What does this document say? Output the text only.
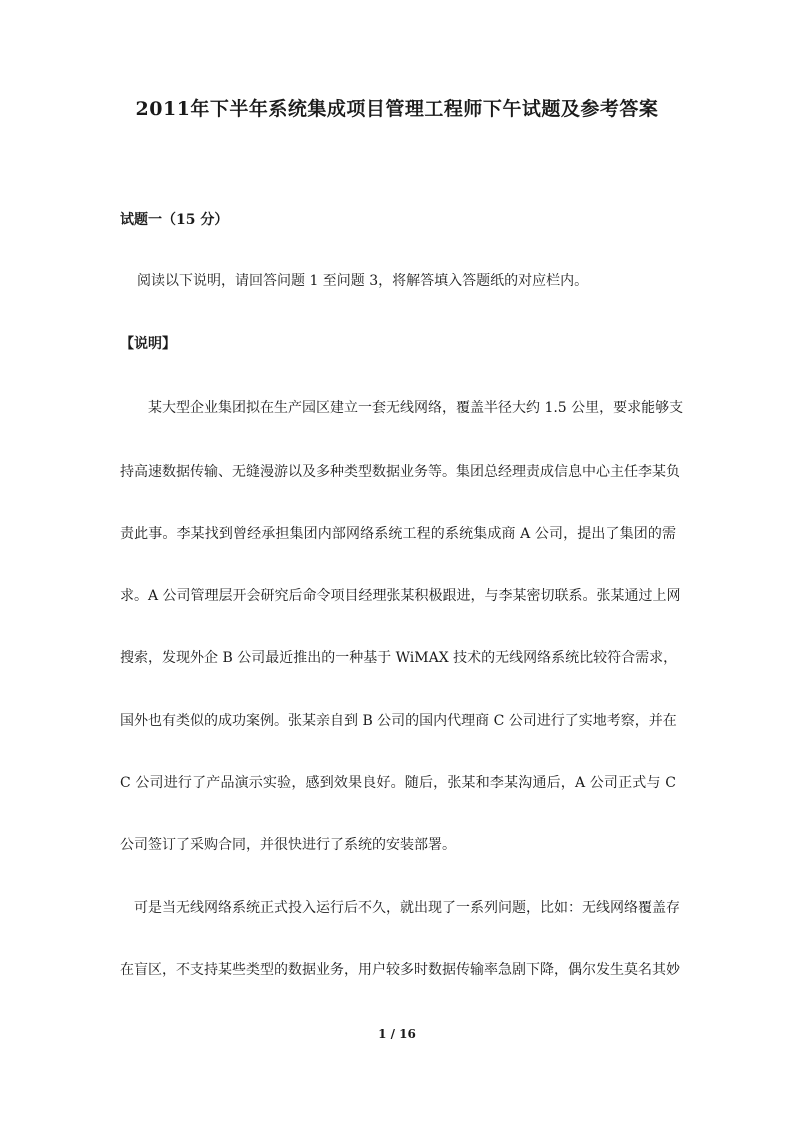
2011年下半年系统集成项目管理工程师下午试题及参考答案
试题一（15 分）
阅读以下说明，请回答问题 1 至问题 3，将解答填入答题纸的对应栏内。
【说明】
某大型企业集团拟在生产园区建立一套无线网络，覆盖半径大约 1.5 公里，要求能够支
持高速数据传输、无缝漫游以及多种类型数据业务等。集团总经理责成信息中心主任李某负
责此事。李某找到曾经承担集团内部网络系统工程的系统集成商 A 公司，提出了集团的需
求。A 公司管理层开会研究后命令项目经理张某积极跟进，与李某密切联系。张某通过上网
搜索，发现外企 B 公司最近推出的一种基于 WiMAX 技术的无线网络系统比较符合需求，
国外也有类似的成功案例。张某亲自到 B 公司的国内代理商 C 公司进行了实地考察，并在
C 公司进行了产品演示实验，感到效果良好。随后，张某和李某沟通后，A 公司正式与 C
公司签订了采购合同，并很快进行了系统的安装部署。
可是当无线网络系统正式投入运行后不久，就出现了一系列问题，比如：无线网络覆盖存
在盲区，不支持某些类型的数据业务，用户较多时数据传输率急剧下降，偶尔发生莫名其妙
1 / 16
